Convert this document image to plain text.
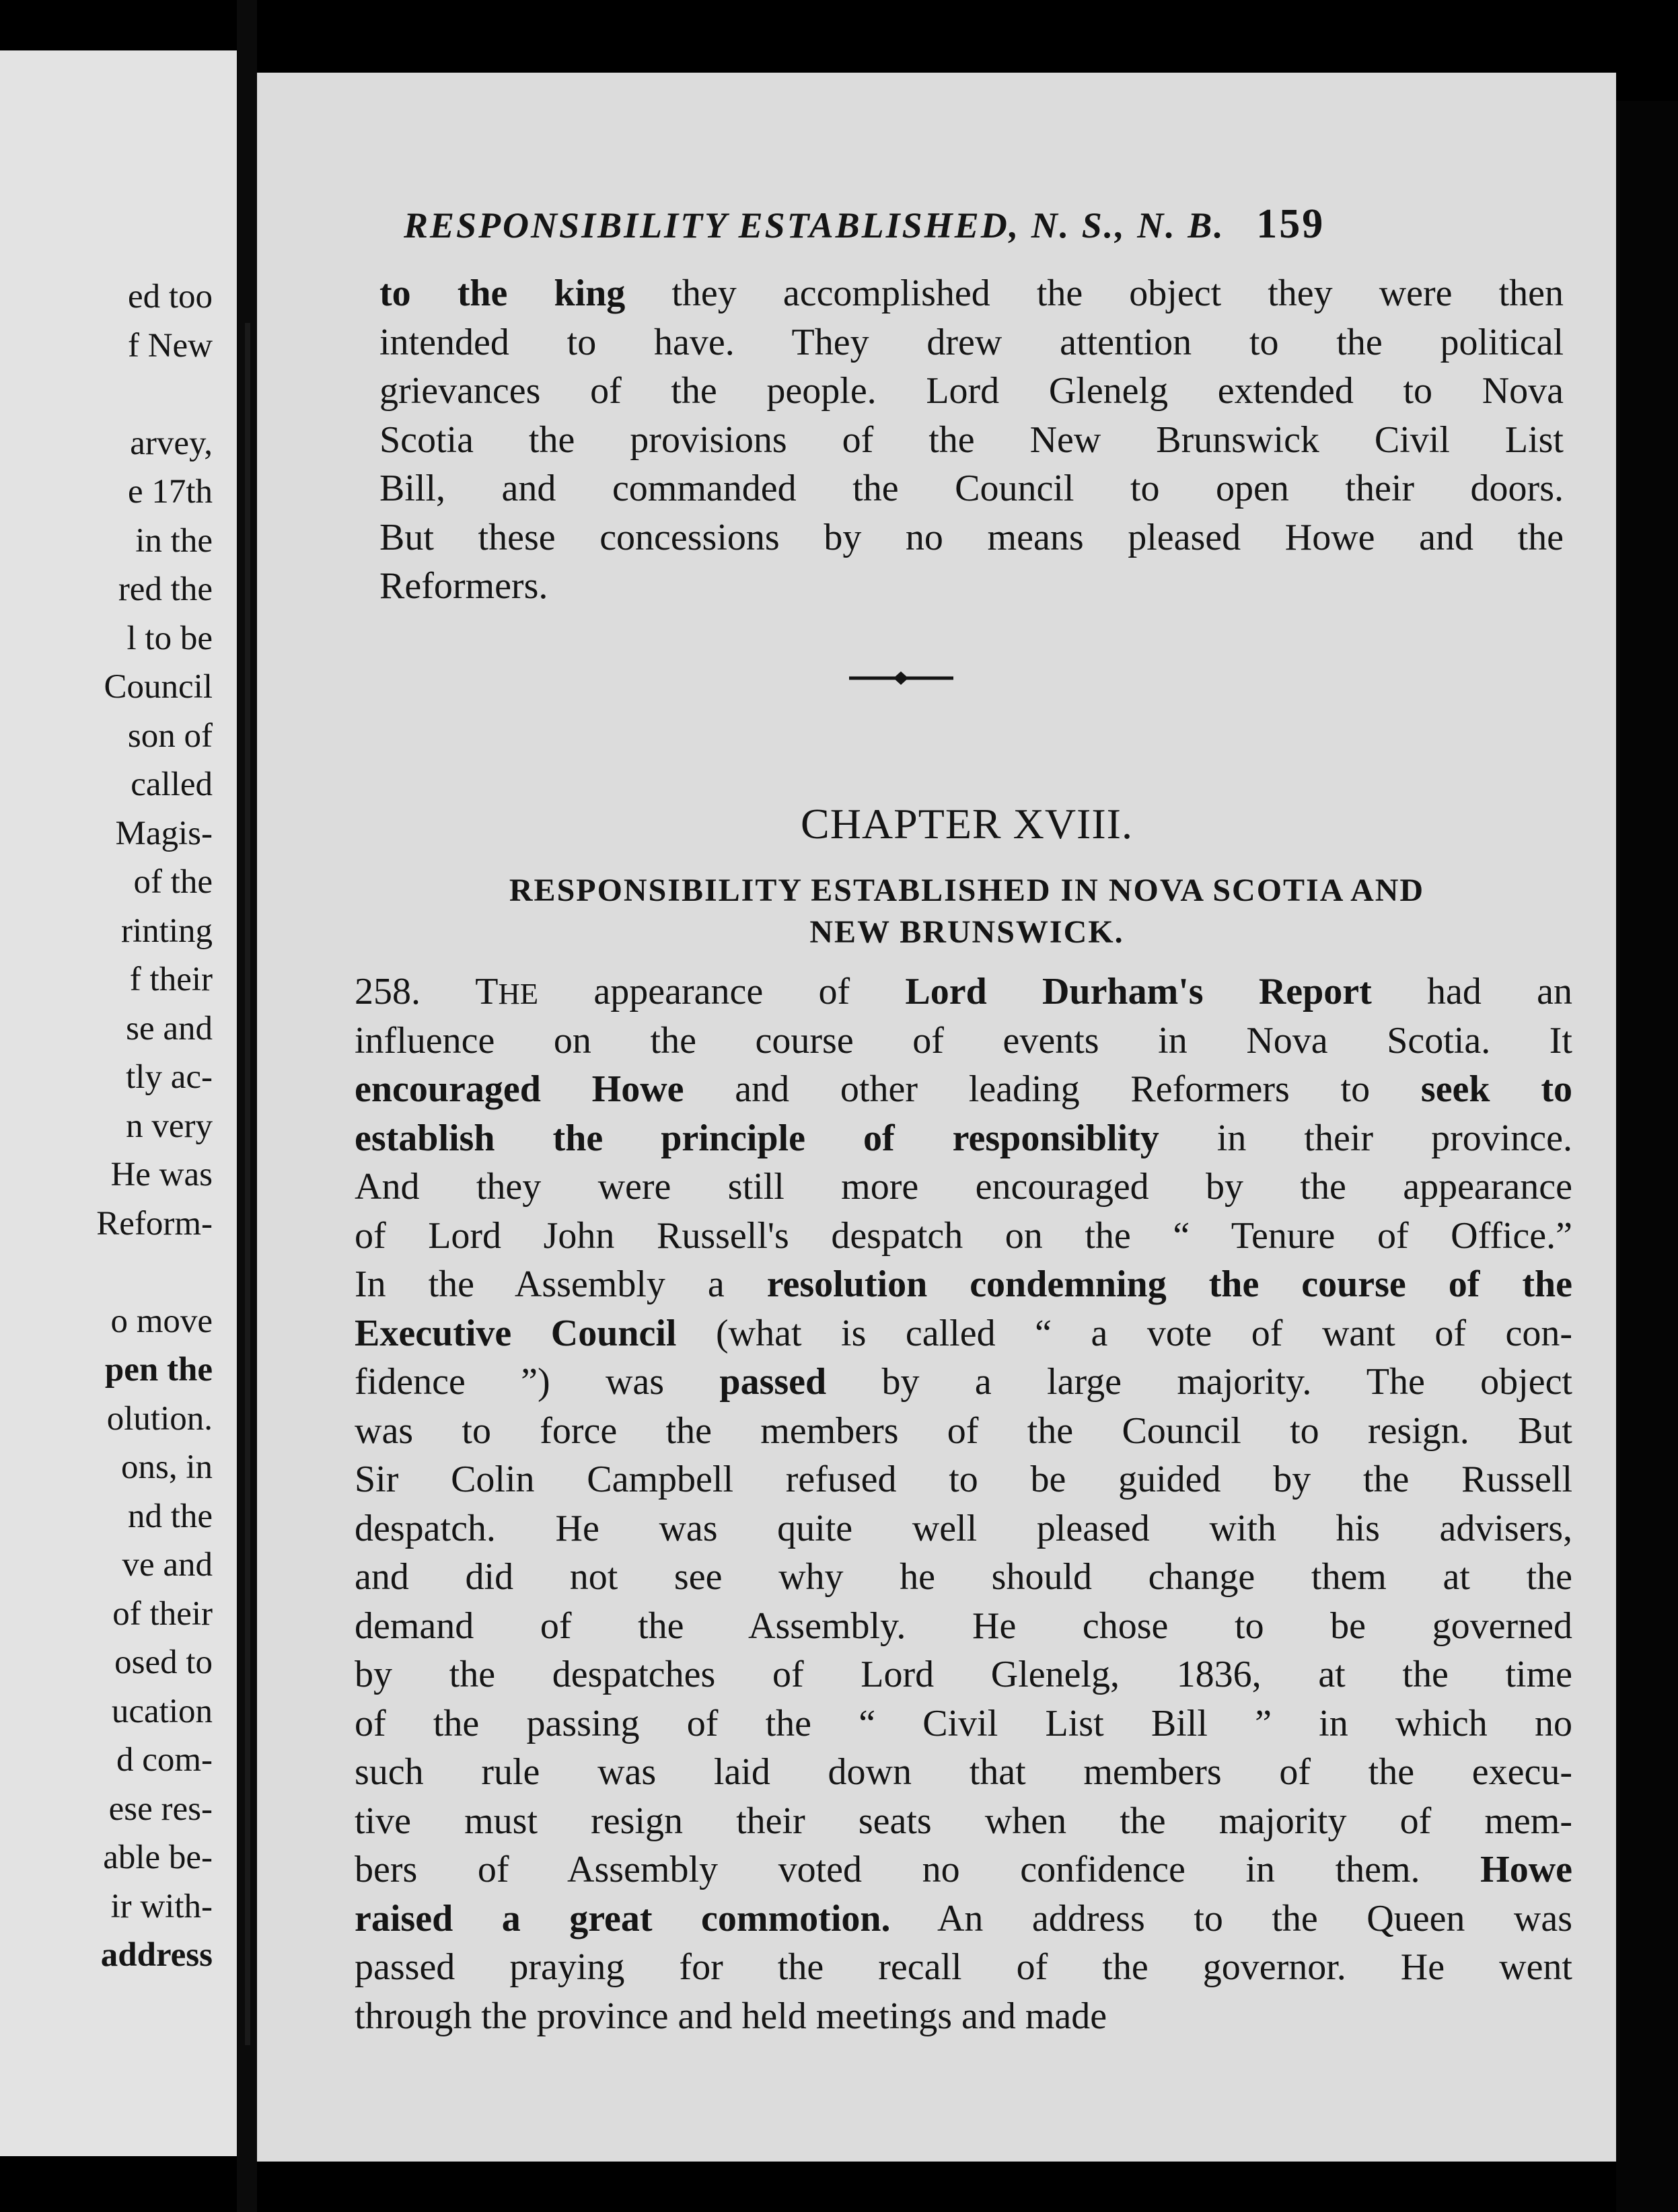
ed too
f New

arvey,
e 17th
in the
red the
l to be
Council
son of
called
Magis-
of the
rinting
f their
se and
tly ac-
n very
He was
Reform-

o move
pen the
olution.
ons, in
nd the
ve and
of their
osed to
ucation
d com-
ese res-
able be-
ir with-
address
RESPONSIBILITY ESTABLISHED, N. S., N. B. 159
to the king they accomplished the object they were then
intended to have. They drew attention to the political
grievances of the people. Lord Glenelg extended to Nova
Scotia the provisions of the New Brunswick Civil List
Bill, and commanded the Council to open their doors.
But these concessions by no means pleased Howe and the
Reformers.
CHAPTER XVIII.
RESPONSIBILITY ESTABLISHED IN NOVA SCOTIA AND
NEW BRUNSWICK.
258. THE appearance of Lord Durham's Report had an
influence on the course of events in Nova Scotia. It
encouraged Howe and other leading Reformers to seek to
establish the principle of responsiblity in their province.
And they were still more encouraged by the appearance
of Lord John Russell's despatch on the “ Tenure of Office.”
In the Assembly a resolution condemning the course of the
Executive Council (what is called “ a vote of want of con-
fidence ”) was passed by a large majority. The object
was to force the members of the Council to resign. But
Sir Colin Campbell refused to be guided by the Russell
despatch. He was quite well pleased with his advisers,
and did not see why he should change them at the
demand of the Assembly. He chose to be governed
by the despatches of Lord Glenelg, 1836, at the time
of the passing of the “ Civil List Bill ” in which no
such rule was laid down that members of the execu-
tive must resign their seats when the majority of mem-
bers of Assembly voted no confidence in them. Howe
raised a great commotion. An address to the Queen was
passed praying for the recall of the governor. He went
through the province and held meetings and made
